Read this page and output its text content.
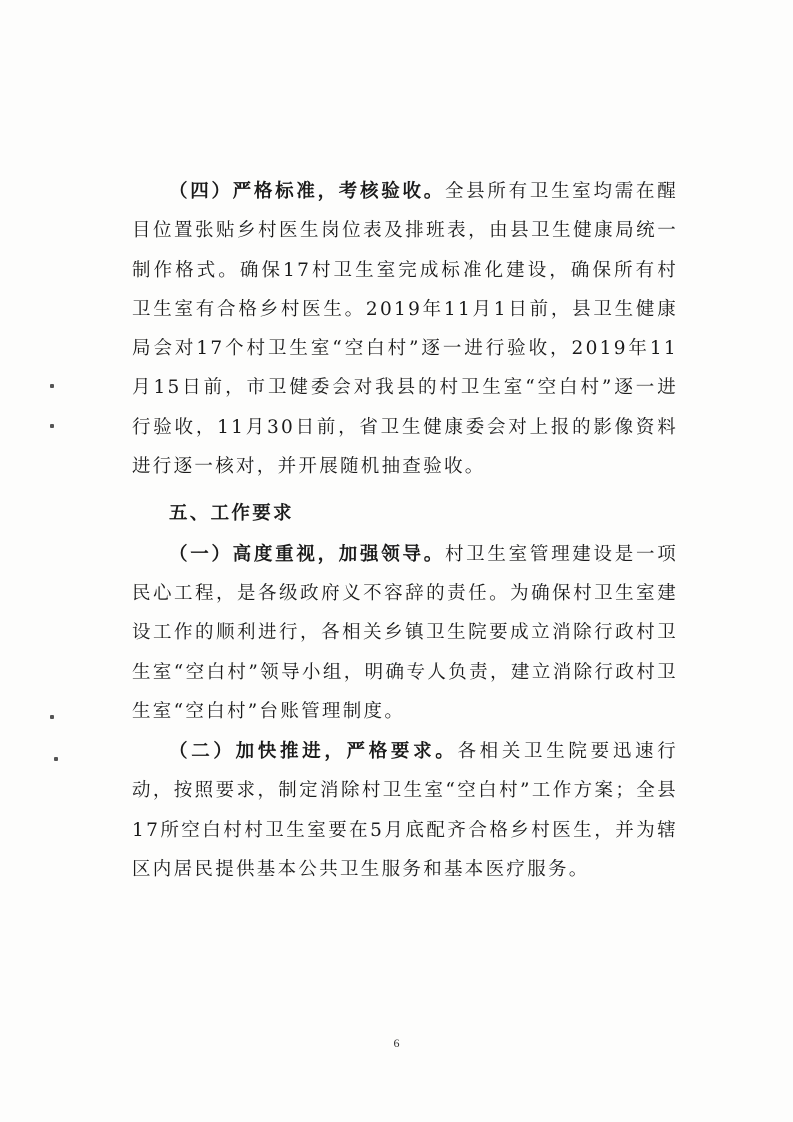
（四）严格标准，考核验收。全县所有卫生室均需在醒目位置张贴乡村医生岗位表及排班表，由县卫生健康局统一制作格式。确保17村卫生室完成标准化建设，确保所有村卫生室有合格乡村医生。2019年11月1日前，县卫生健康局会对17个村卫生室“空白村”逐一进行验收，2019年11月15日前，市卫健委会对我县的村卫生室“空白村”逐一进行验收，11月30日前，省卫生健康委会对上报的影像资料进行逐一核对，并开展随机抽查验收。

五、工作要求

（一）高度重视，加强领导。村卫生室管理建设是一项民心工程，是各级政府义不容辞的责任。为确保村卫生室建设工作的顺利进行，各相关乡镇卫生院要成立消除行政村卫生室“空白村”领导小组，明确专人负责，建立消除行政村卫生室“空白村”台账管理制度。

（二）加快推进，严格要求。各相关卫生院要迅速行动，按照要求，制定消除村卫生室“空白村”工作方案；全县17所空白村村卫生室要在5月底配齐合格乡村医生，并为辖区内居民提供基本公共卫生服务和基本医疗服务。

6
